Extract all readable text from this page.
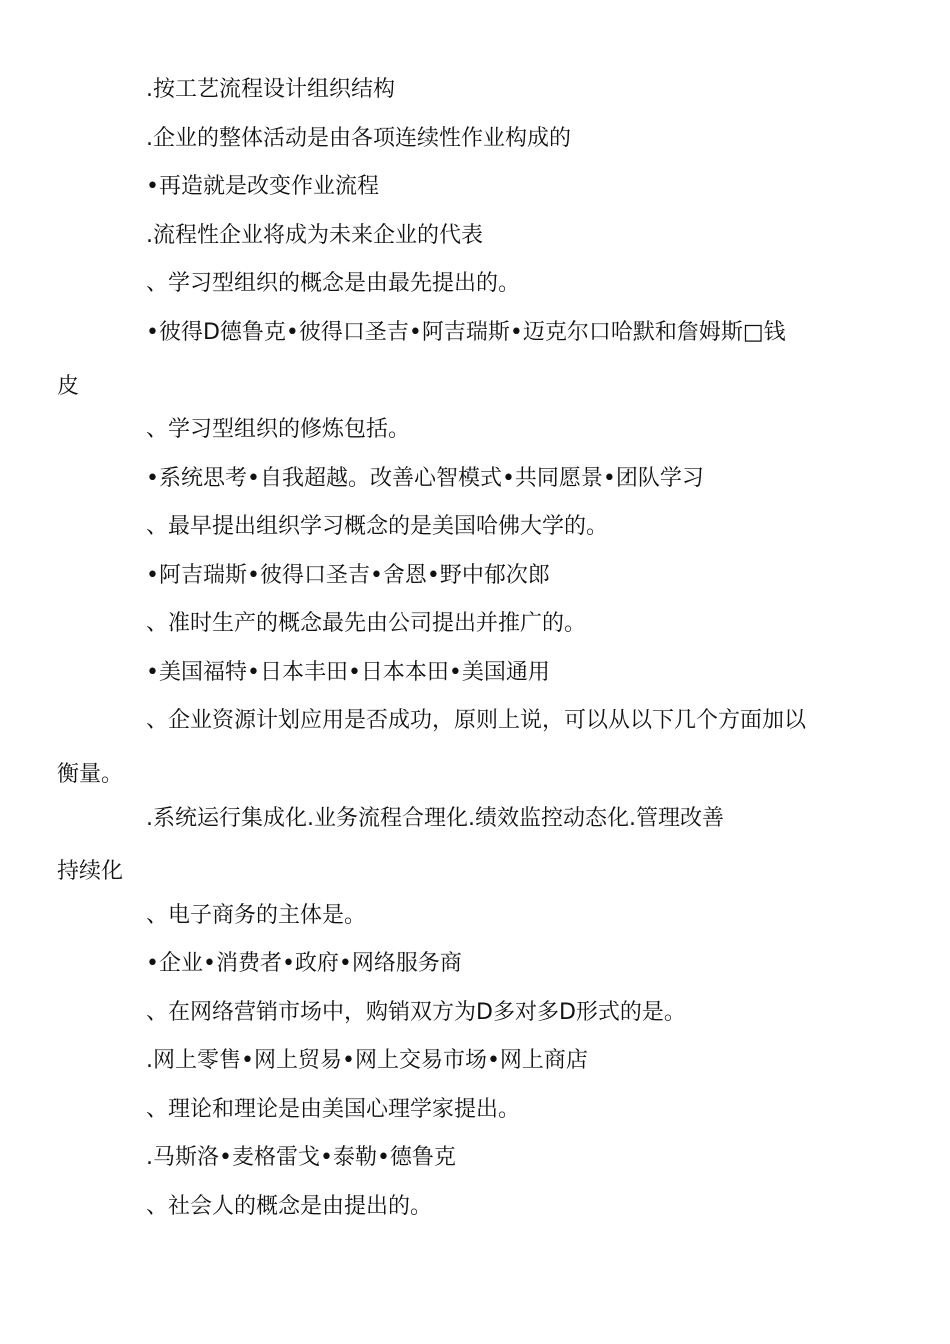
.按工艺流程设计组织结构
.企业的整体活动是由各项连续性作业构成的
•再造就是改变作业流程
.流程性企业将成为未来企业的代表
、学习型组织的概念是由最先提出的。
•彼得D德鲁克•彼得口圣吉•阿吉瑞斯•迈克尔口哈默和詹姆斯□钱
皮
、学习型组织的修炼包括。
•系统思考•自我超越。改善心智模式•共同愿景•团队学习
、最早提出组织学习概念的是美国哈佛大学的。
•阿吉瑞斯•彼得口圣吉•舍恩•野中郁次郎
、准时生产的概念最先由公司提出并推广的。
•美国福特•日本丰田•日本本田•美国通用
、企业资源计划应用是否成功，原则上说，可以从以下几个方面加以
衡量。
.系统运行集成化.业务流程合理化.绩效监控动态化.管理改善
持续化
、电子商务的主体是。
•企业•消费者•政府•网络服务商
、在网络营销市场中，购销双方为D多对多D形式的是。
.网上零售•网上贸易•网上交易市场•网上商店
、理论和理论是由美国心理学家提出。
.马斯洛•麦格雷戈•泰勒•德鲁克
、社会人的概念是由提出的。
